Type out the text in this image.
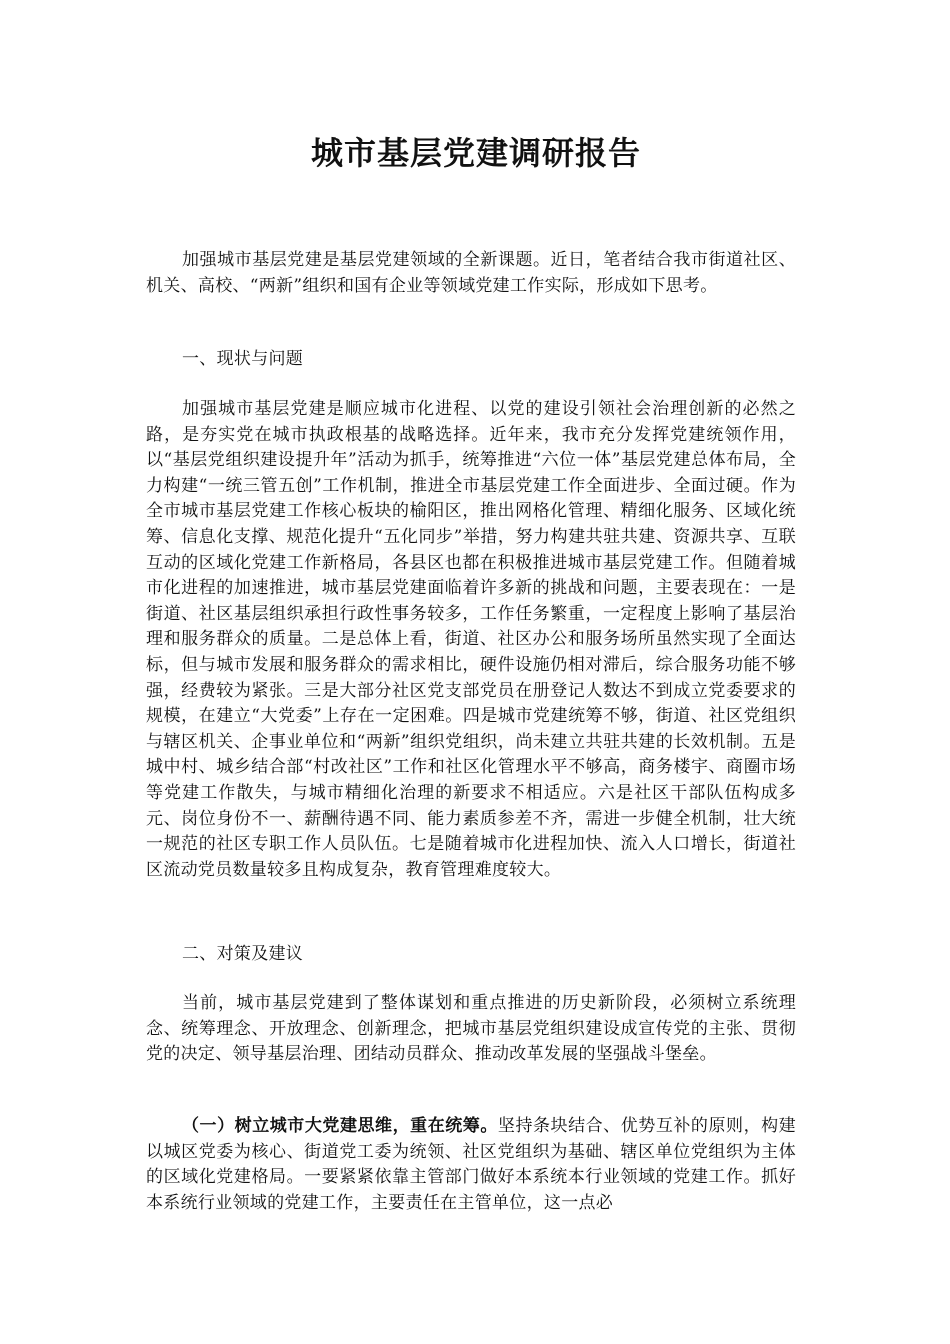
城市基层党建调研报告

加强城市基层党建是基层党建领域的全新课题。近日，笔者结合我市街道社区、机关、高校、“两新”组织和国有企业等领域党建工作实际，形成如下思考。

一、现状与问题

加强城市基层党建是顺应城市化进程、以党的建设引领社会治理创新的必然之路，是夯实党在城市执政根基的战略选择。近年来，我市充分发挥党建统领作用，以“基层党组织建设提升年”活动为抓手，统筹推进“六位一体”基层党建总体布局，全力构建“一统三管五创”工作机制，推进全市基层党建工作全面进步、全面过硬。作为全市城市基层党建工作核心板块的榆阳区，推出网格化管理、精细化服务、区域化统筹、信息化支撑、规范化提升“五化同步”举措，努力构建共驻共建、资源共享、互联互动的区域化党建工作新格局，各县区也都在积极推进城市基层党建工作。但随着城市化进程的加速推进，城市基层党建面临着许多新的挑战和问题，主要表现在：一是街道、社区基层组织承担行政性事务较多，工作任务繁重，一定程度上影响了基层治理和服务群众的质量。二是总体上看，街道、社区办公和服务场所虽然实现了全面达标，但与城市发展和服务群众的需求相比，硬件设施仍相对滞后，综合服务功能不够强，经费较为紧张。三是大部分社区党支部党员在册登记人数达不到成立党委要求的规模，在建立“大党委”上存在一定困难。四是城市党建统筹不够，街道、社区党组织与辖区机关、企事业单位和“两新”组织党组织，尚未建立共驻共建的长效机制。五是城中村、城乡结合部“村改社区”工作和社区化管理水平不够高，商务楼宇、商圈市场等党建工作散失，与城市精细化治理的新要求不相适应。六是社区干部队伍构成多元、岗位身份不一、薪酬待遇不同、能力素质参差不齐，需进一步健全机制，壮大统一规范的社区专职工作人员队伍。七是随着城市化进程加快、流入人口增长，街道社区流动党员数量较多且构成复杂，教育管理难度较大。

二、对策及建议

当前，城市基层党建到了整体谋划和重点推进的历史新阶段，必须树立系统理念、统筹理念、开放理念、创新理念，把城市基层党组织建设成宣传党的主张、贯彻党的决定、领导基层治理、团结动员群众、推动改革发展的坚强战斗堡垒。

（一）树立城市大党建思维，重在统筹。坚持条块结合、优势互补的原则，构建以城区党委为核心、街道党工委为统领、社区党组织为基础、辖区单位党组织为主体的区域化党建格局。一要紧紧依靠主管部门做好本系统本行业领域的党建工作。抓好本系统行业领域的党建工作，主要责任在主管单位，这一点必
